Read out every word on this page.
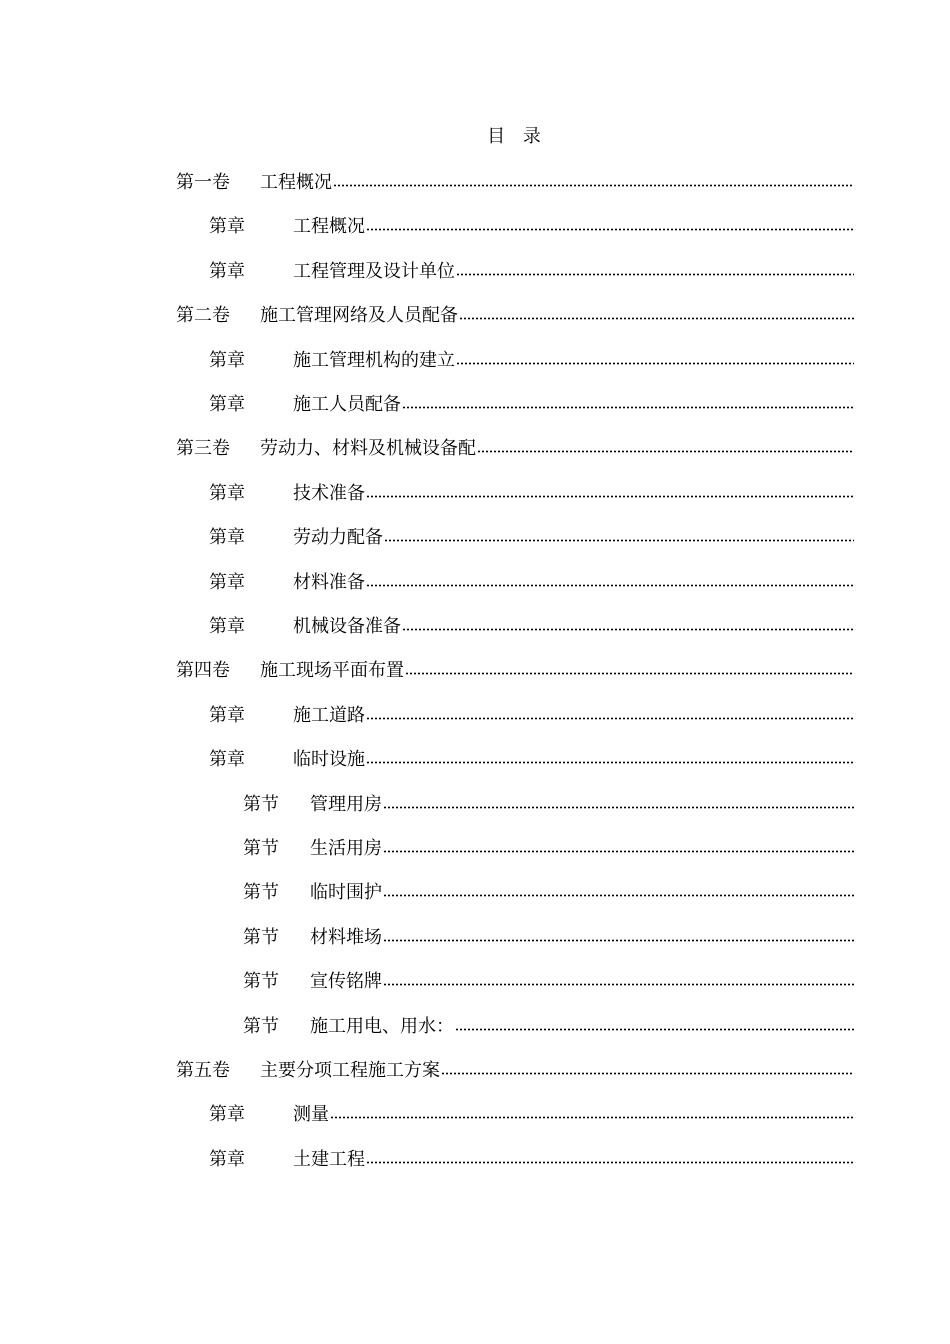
目 录
第一卷 工程概况
第章	工程概况
第章	工程管理及设计单位
第二卷 施工管理网络及人员配备
第章	施工管理机构的建立
第章	施工人员配备
第三卷 劳动力、材料及机械设备配
第章	技术准备
第章	劳动力配备
第章	材料准备
第章	机械设备准备
第四卷 施工现场平面布置
第章	施工道路
第章	临时设施
第节 管理用房
第节 生活用房
第节 临时围护
第节 材料堆场
第节 宣传铭牌
第节 施工用电、用水：
第五卷 主要分项工程施工方案
第章	测量
第章	土建工程
